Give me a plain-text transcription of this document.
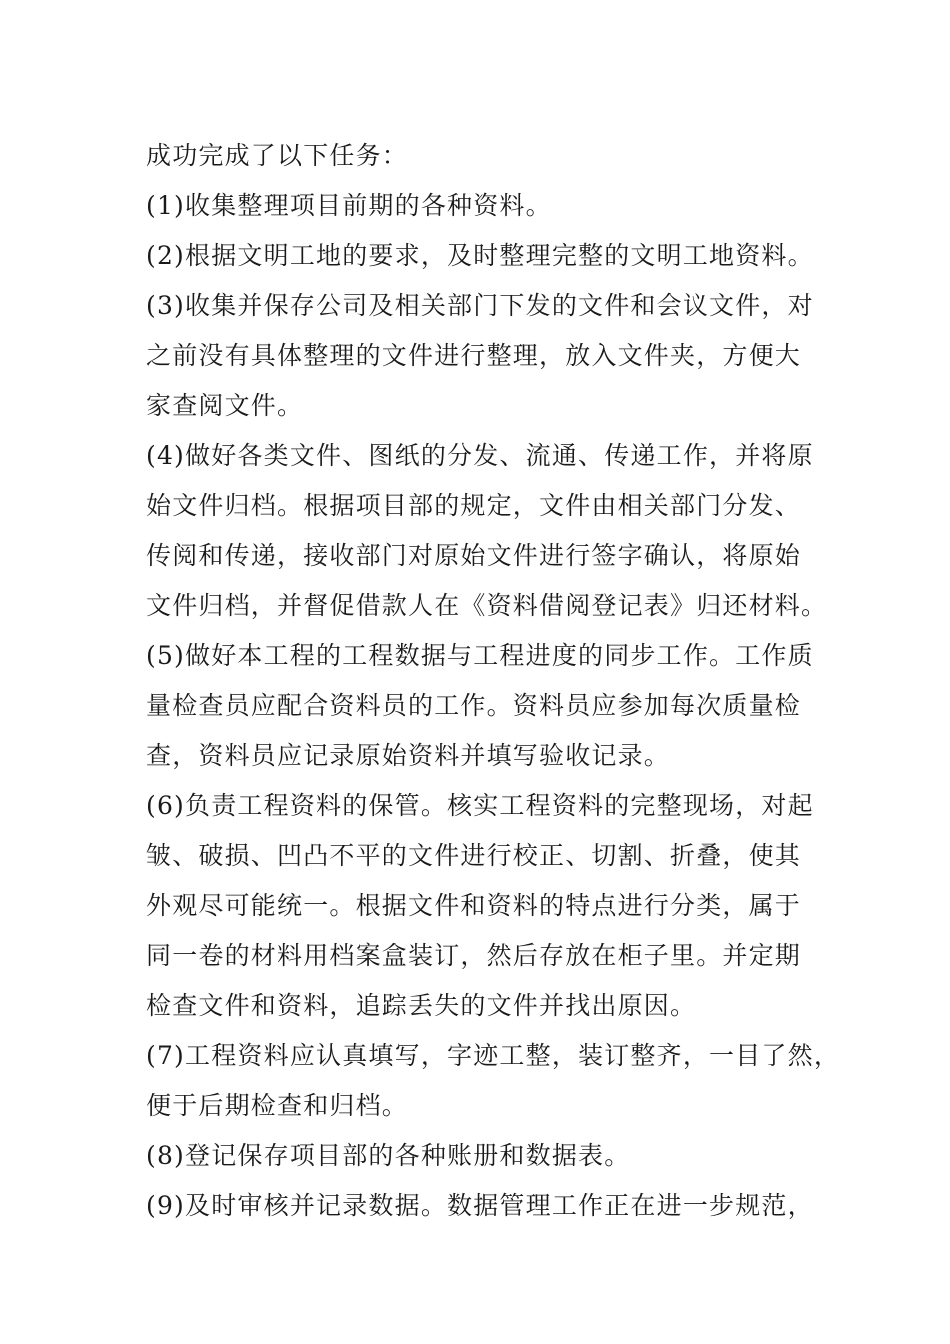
成功完成了以下任务：
(1)收集整理项目前期的各种资料。
(2)根据文明工地的要求，及时整理完整的文明工地资料。
(3)收集并保存公司及相关部门下发的文件和会议文件，对
之前没有具体整理的文件进行整理，放入文件夹，方便大
家查阅文件。
(4)做好各类文件、图纸的分发、流通、传递工作，并将原
始文件归档。根据项目部的规定，文件由相关部门分发、
传阅和传递，接收部门对原始文件进行签字确认，将原始
文件归档，并督促借款人在《资料借阅登记表》归还材料。
(5)做好本工程的工程数据与工程进度的同步工作。工作质
量检查员应配合资料员的工作。资料员应参加每次质量检
查，资料员应记录原始资料并填写验收记录。
(6)负责工程资料的保管。核实工程资料的完整现场，对起
皱、破损、凹凸不平的文件进行校正、切割、折叠，使其
外观尽可能统一。根据文件和资料的特点进行分类，属于
同一卷的材料用档案盒装订，然后存放在柜子里。并定期
检查文件和资料，追踪丢失的文件并找出原因。
(7)工程资料应认真填写，字迹工整，装订整齐，一目了然，
便于后期检查和归档。
(8)登记保存项目部的各种账册和数据表。
(9)及时审核并记录数据。数据管理工作正在进一步规范，
